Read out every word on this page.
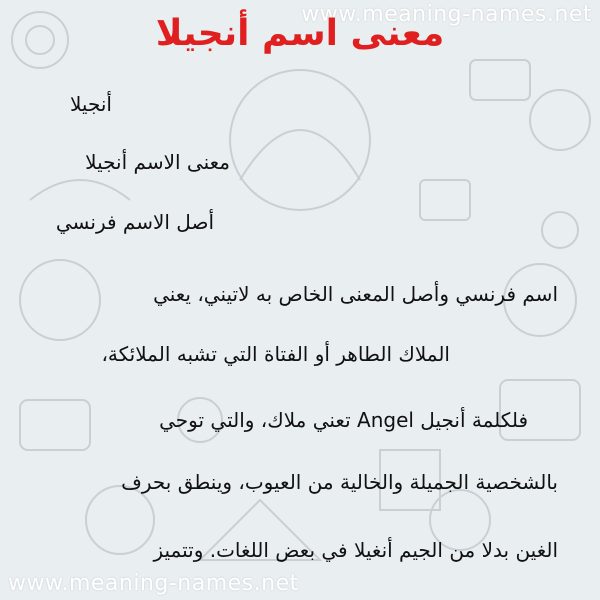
www.meaning-names.net
معنى اسم أنجيلا
أنجيلا
معنى الاسم أنجيلا
أصل الاسم فرنسي
اسم فرنسي وأصل المعنى الخاص به لاتيني، يعني
الملاك الطاهر أو الفتاة التي تشبه الملائكة،
فلكلمة أنجيل Angel تعني ملاك، والتي توحي
بالشخصية الجميلة والخالية من العيوب، وينطق بحرف
الغين بدلا من الجيم أنغيلا في بعض اللغات. وتتميز
www.meaning-names.net
